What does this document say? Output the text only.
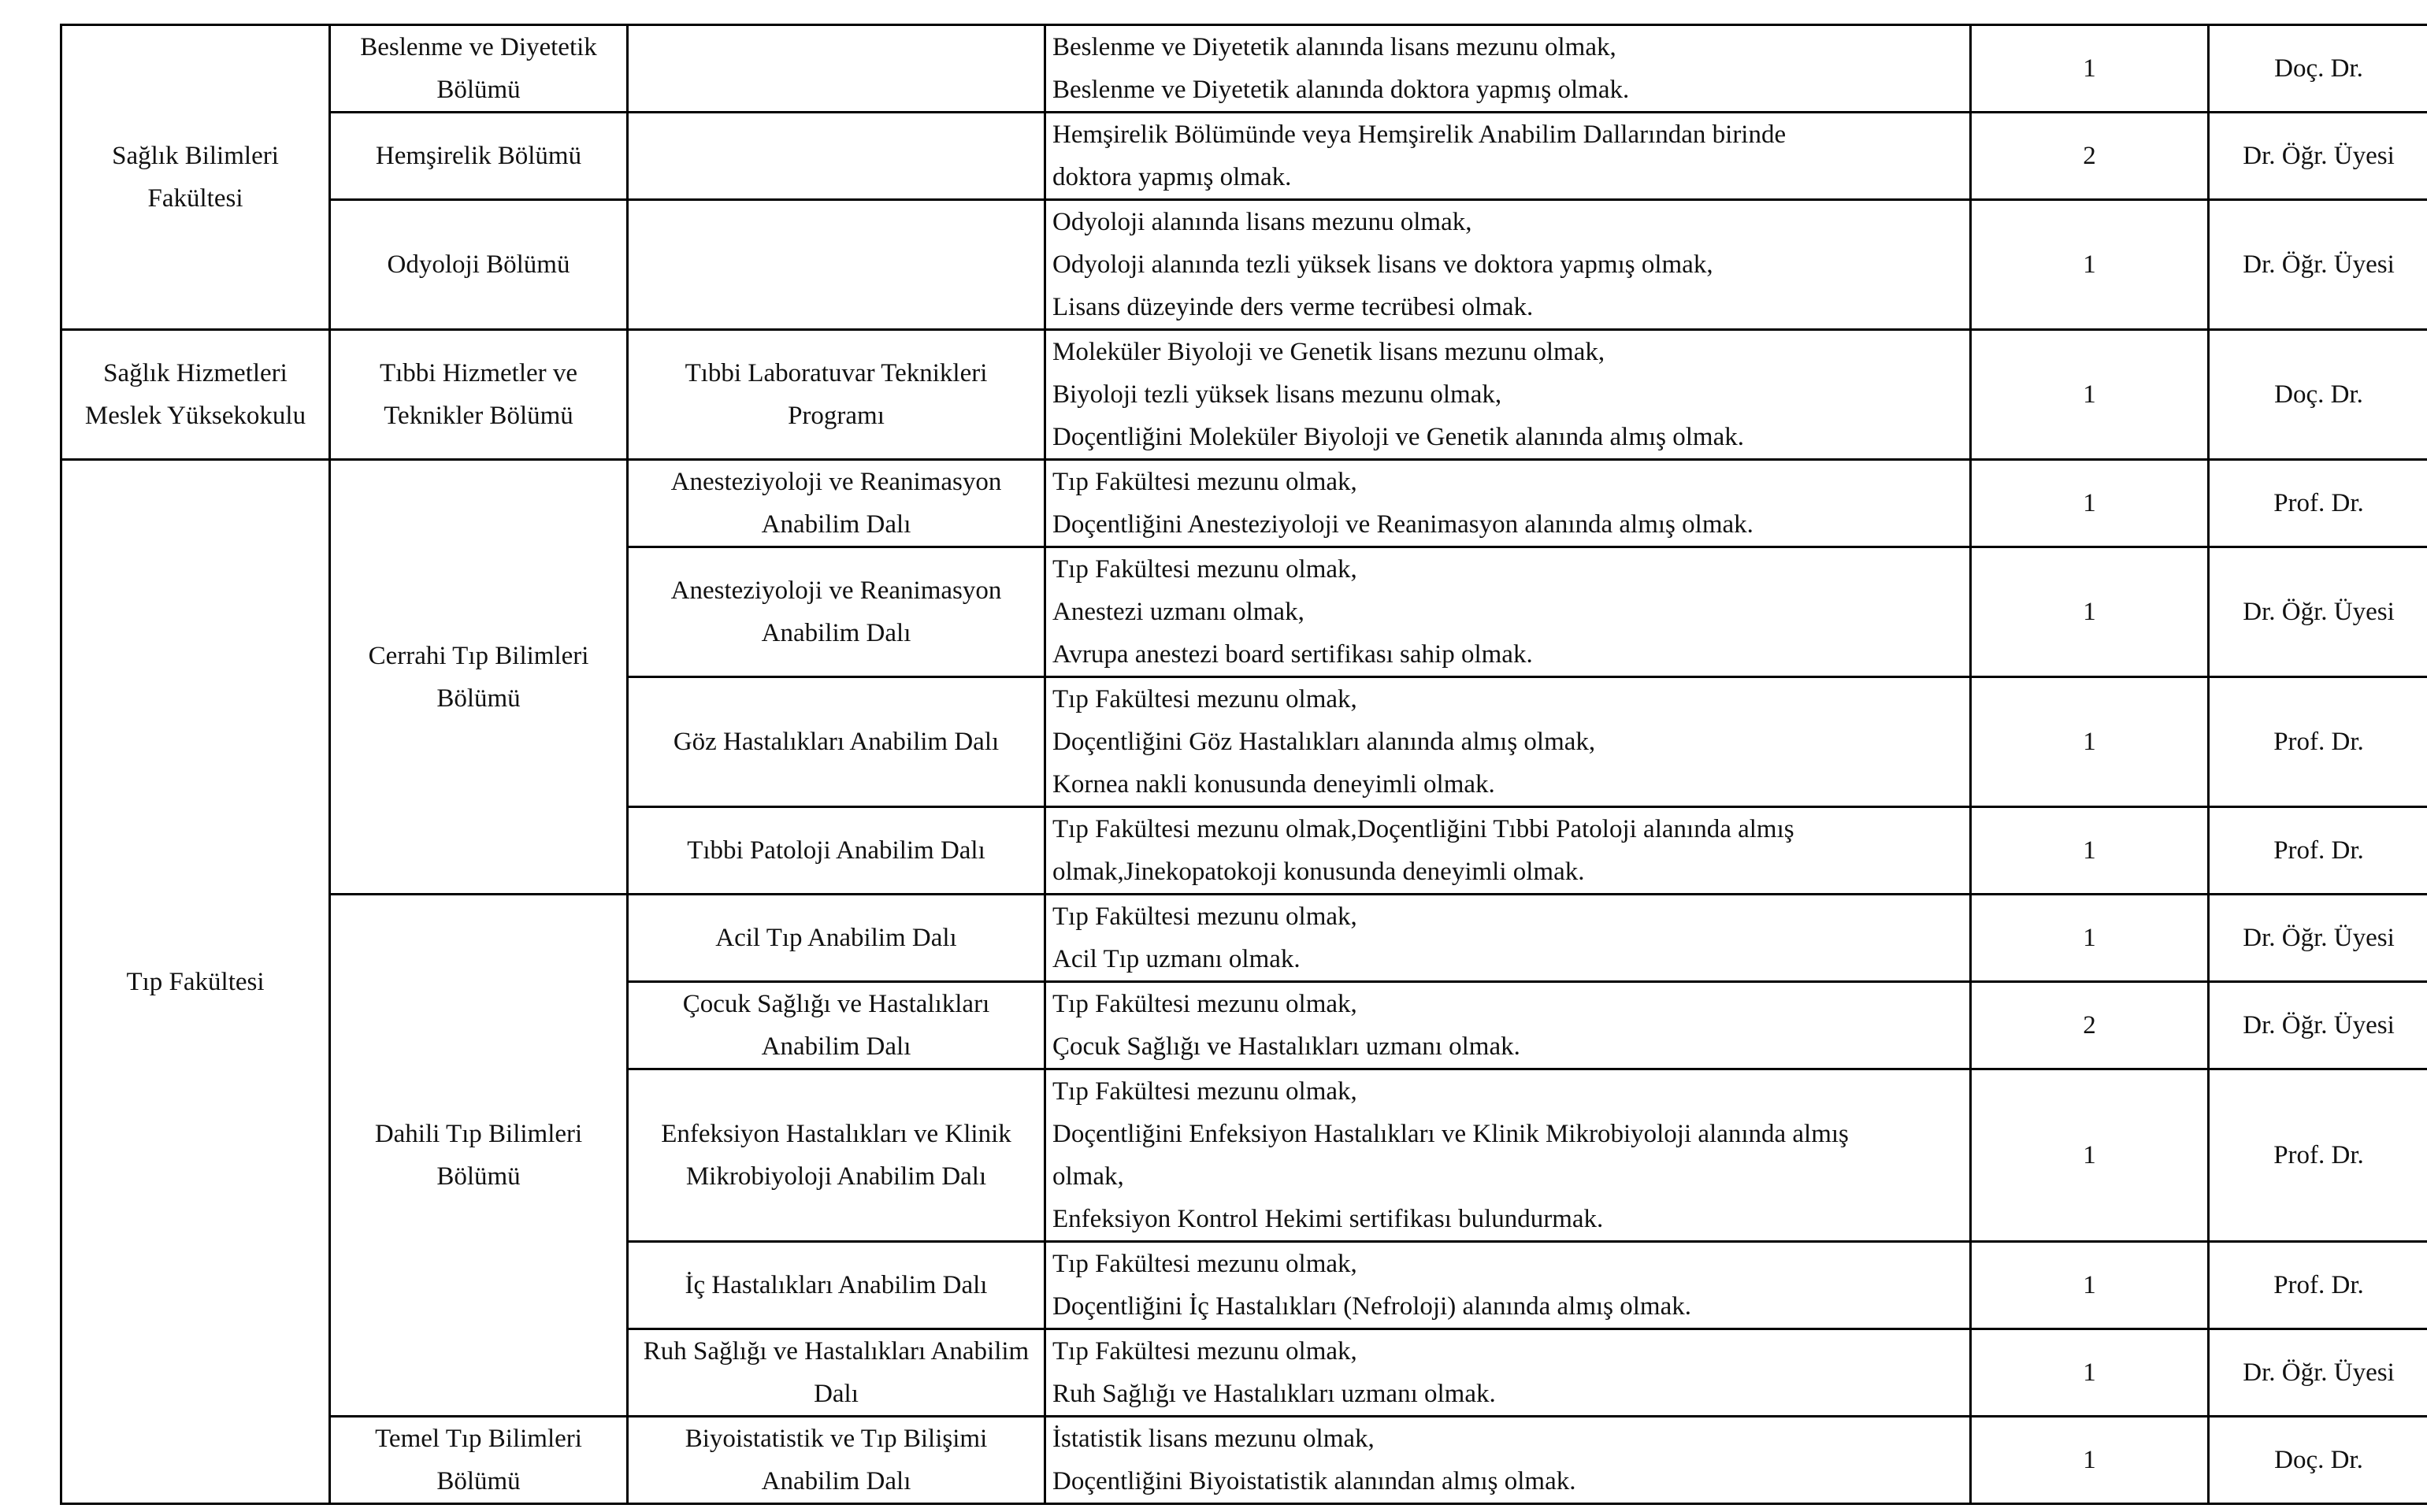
Sağlık Bilimleri Fakültesi	Beslenme ve Diyetetik Bölümü		Beslenme ve Diyetetik alanında lisans mezunu olmak,
Beslenme ve Diyetetik alanında doktora yapmış olmak.	1	Doç. Dr.
	Hemşirelik Bölümü		Hemşirelik Bölümünde veya Hemşirelik Anabilim Dallarından birinde
doktora yapmış olmak.	2	Dr. Öğr. Üyesi
	Odyoloji Bölümü		Odyoloji alanında lisans mezunu olmak,
Odyoloji alanında tezli yüksek lisans ve doktora yapmış olmak,
Lisans düzeyinde ders verme tecrübesi olmak.	1	Dr. Öğr. Üyesi
Sağlık Hizmetleri Meslek Yüksekokulu	Tıbbi Hizmetler ve Teknikler Bölümü	Tıbbi Laboratuvar Teknikleri Programı	Moleküler Biyoloji ve Genetik lisans mezunu olmak,
Biyoloji tezli yüksek lisans mezunu olmak,
Doçentliğini Moleküler Biyoloji ve Genetik alanında almış olmak.	1	Doç. Dr.
Tıp Fakültesi	Cerrahi Tıp Bilimleri Bölümü	Anesteziyoloji ve Reanimasyon Anabilim Dalı	Tıp Fakültesi mezunu olmak,
Doçentliğini Anesteziyoloji ve Reanimasyon alanında almış olmak.	1	Prof. Dr.
		Anesteziyoloji ve Reanimasyon Anabilim Dalı	Tıp Fakültesi mezunu olmak,
Anestezi uzmanı olmak,
Avrupa anestezi board sertifikası sahip olmak.	1	Dr. Öğr. Üyesi
		Göz Hastalıkları Anabilim Dalı	Tıp Fakültesi mezunu olmak,
Doçentliğini Göz Hastalıkları alanında almış olmak,
Kornea nakli konusunda deneyimli olmak.	1	Prof. Dr.
		Tıbbi Patoloji Anabilim Dalı	Tıp Fakültesi mezunu olmak,Doçentliğini Tıbbi Patoloji alanında almış
olmak,Jinekopatokoji konusunda deneyimli olmak.	1	Prof. Dr.
	Dahili Tıp Bilimleri Bölümü	Acil Tıp Anabilim Dalı	Tıp Fakültesi mezunu olmak,
Acil Tıp uzmanı olmak.	1	Dr. Öğr. Üyesi
		Çocuk Sağlığı ve Hastalıkları Anabilim Dalı	Tıp Fakültesi mezunu olmak,
Çocuk Sağlığı ve Hastalıkları uzmanı olmak.	2	Dr. Öğr. Üyesi
		Enfeksiyon Hastalıkları ve Klinik Mikrobiyoloji Anabilim Dalı	Tıp Fakültesi mezunu olmak,
Doçentliğini Enfeksiyon Hastalıkları ve Klinik Mikrobiyoloji alanında almış
olmak,
Enfeksiyon Kontrol Hekimi sertifikası bulundurmak.	1	Prof. Dr.
		İç Hastalıkları Anabilim Dalı	Tıp Fakültesi mezunu olmak,
Doçentliğini İç Hastalıkları (Nefroloji) alanında almış olmak.	1	Prof. Dr.
		Ruh Sağlığı ve Hastalıkları Anabilim Dalı	Tıp Fakültesi mezunu olmak,
Ruh Sağlığı ve Hastalıkları uzmanı olmak.	1	Dr. Öğr. Üyesi
	Temel Tıp Bilimleri Bölümü	Biyoistatistik ve Tıp Bilişimi Anabilim Dalı	İstatistik lisans mezunu olmak,
Doçentliğini Biyoistatistik alanından almış olmak.	1	Doç. Dr.
